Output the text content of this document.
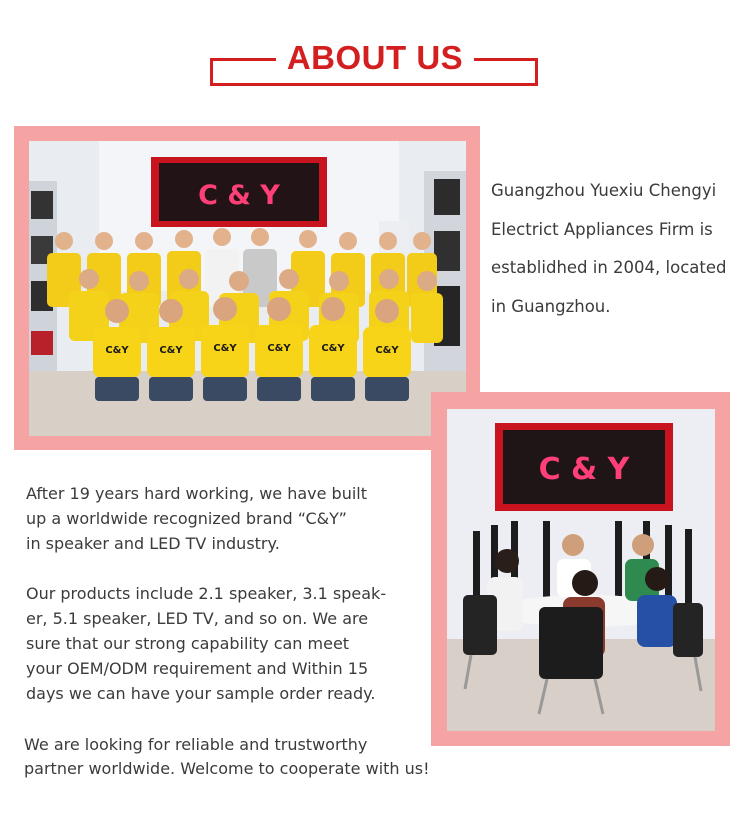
ABOUT US
C & Y
C&Y	C&Y	C&Y	C&Y	C&Y	C&Y

Guangzhou Yuexiu Chengyi

Electrict Appliances Firm is

establidhed in 2004, located

in Guangzhou.

C & Y

After 19 years hard working, we have built

up a worldwide recognized brand “C&Y”

in speaker and LED TV industry.

Our products include 2.1 speaker, 3.1 speak-

er, 5.1 speaker, LED TV, and so on. We are

sure that our strong capability can meet

your OEM/ODM requirement and Within 15

days we can have your sample order ready.

We are looking for reliable and trustworthy

partner worldwide. Welcome to cooperate with us!
